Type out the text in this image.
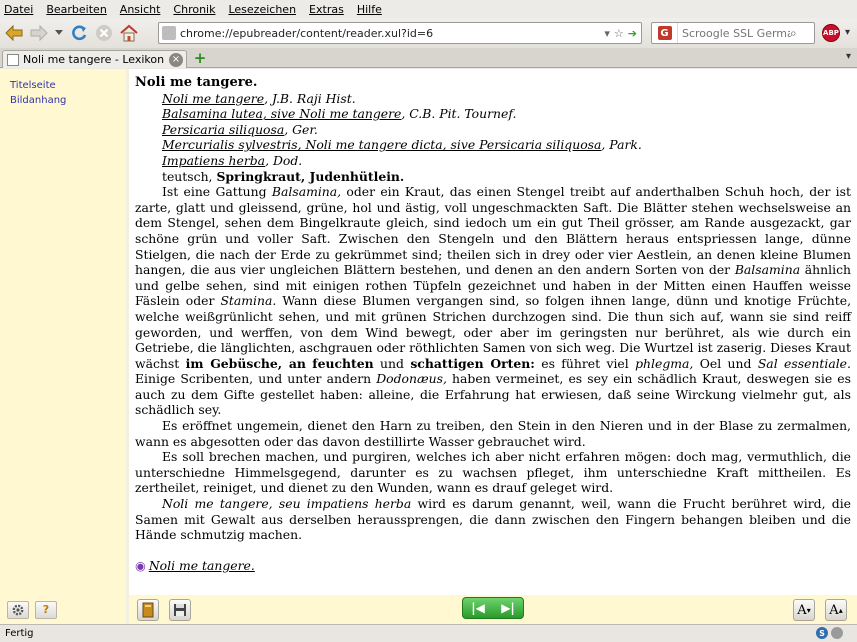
Datei Bearbeiten Ansicht Chronik Lesezeichen Extras Hilfe
chrome://epubreader/content/reader.xul?id=6	▾ ☆ ➔ G
Scroogle SSL German	⌕	ABP ▾
Noli me tangere - Lexikon × +	▾
Titelseite
Bildanhang
?
Noli me tangere.
Noli me tangere, J.B. Raji Hist.
Balsamina lutea, sive Noli me tangere, C.B. Pit. Tournef.
Persicaria siliquosa, Ger.
Mercurialis sylvestris, Noli me tangere dicta, sive Persicaria siliquosa, Park.
Impatiens herba, Dod.
teutsch, Springkraut, Judenhütlein.

Ist eine Gattung Balsamina, oder ein Kraut, das einen Stengel treibt auf anderthalben Schuh hoch, der ist zarte, glatt und gleissend, grüne, hol und ästig, voll ungeschmackten Saft. Die Blätter stehen wechselsweise an dem Stengel, sehen dem Bingelkraute gleich, sind iedoch um ein gut Theil grösser, am Rande ausgezackt, gar schöne grün und voller Saft. Zwischen den Stengeln und den Blättern heraus entspriessen lange, dünne Stielgen, die nach der Erde zu gekrümmet sind; theilen sich in drey oder vier Aestlein, an denen kleine Blumen hangen, die aus vier ungleichen Blättern bestehen, und denen an den andern Sorten von der Balsamina ähnlich und gelbe sehen, sind mit einigen rothen Tüpfeln gezeichnet und haben in der Mitten einen Hauffen weisse Fäslein oder Stamina. Wann diese Blumen vergangen sind, so folgen ihnen lange, dünn und knotige Früchte, welche weißgrünlicht sehen, und mit grünen Strichen durchzogen sind. Die thun sich auf, wann sie sind reiff geworden, und werffen, von dem Wind bewegt, oder aber im geringsten nur berühret, als wie durch ein Getriebe, die länglichten, aschgrauen oder röthlichten Samen von sich weg. Die Wurtzel ist zaserig. Dieses Kraut wächst im Gebüsche, an feuchten und schattigen Orten: es führet viel phlegma, Oel und Sal essentiale. Einige Scribenten, und unter andern Dodonæus, haben vermeinet, es sey ein schädlich Kraut, deswegen sie es auch zu dem Gifte gestellet haben: alleine, die Erfahrung hat erwiesen, daß seine Wirckung vielmehr gut, als schädlich sey.

Es eröffnet ungemein, dienet den Harn zu treiben, den Stein in den Nieren und in der Blase zu zermalmen, wann es abgesotten oder das davon destillirte Wasser gebrauchet wird.

Es soll brechen machen, und purgiren, welches ich aber nicht erfahren mögen: doch mag, vermuthlich, die unterschiedne Himmelsgegend, darunter es zu wachsen pfleget, ihm unterschiedne Kraft mittheilen. Es zertheilet, reiniget, und dienet zu den Wunden, wann es drauf geleget wird.

Noli me tangere, seu impatiens herba wird es darum genannt, weil, wann die Frucht berühret wird, die Samen mit Gewalt aus derselben heraussprengen, die dann zwischen den Fingern behangen bleiben und die Hände schmutzig machen.

◉ Noli me tangere.
|◀ ▶|	A ▾ A ▴
Fertig	S
